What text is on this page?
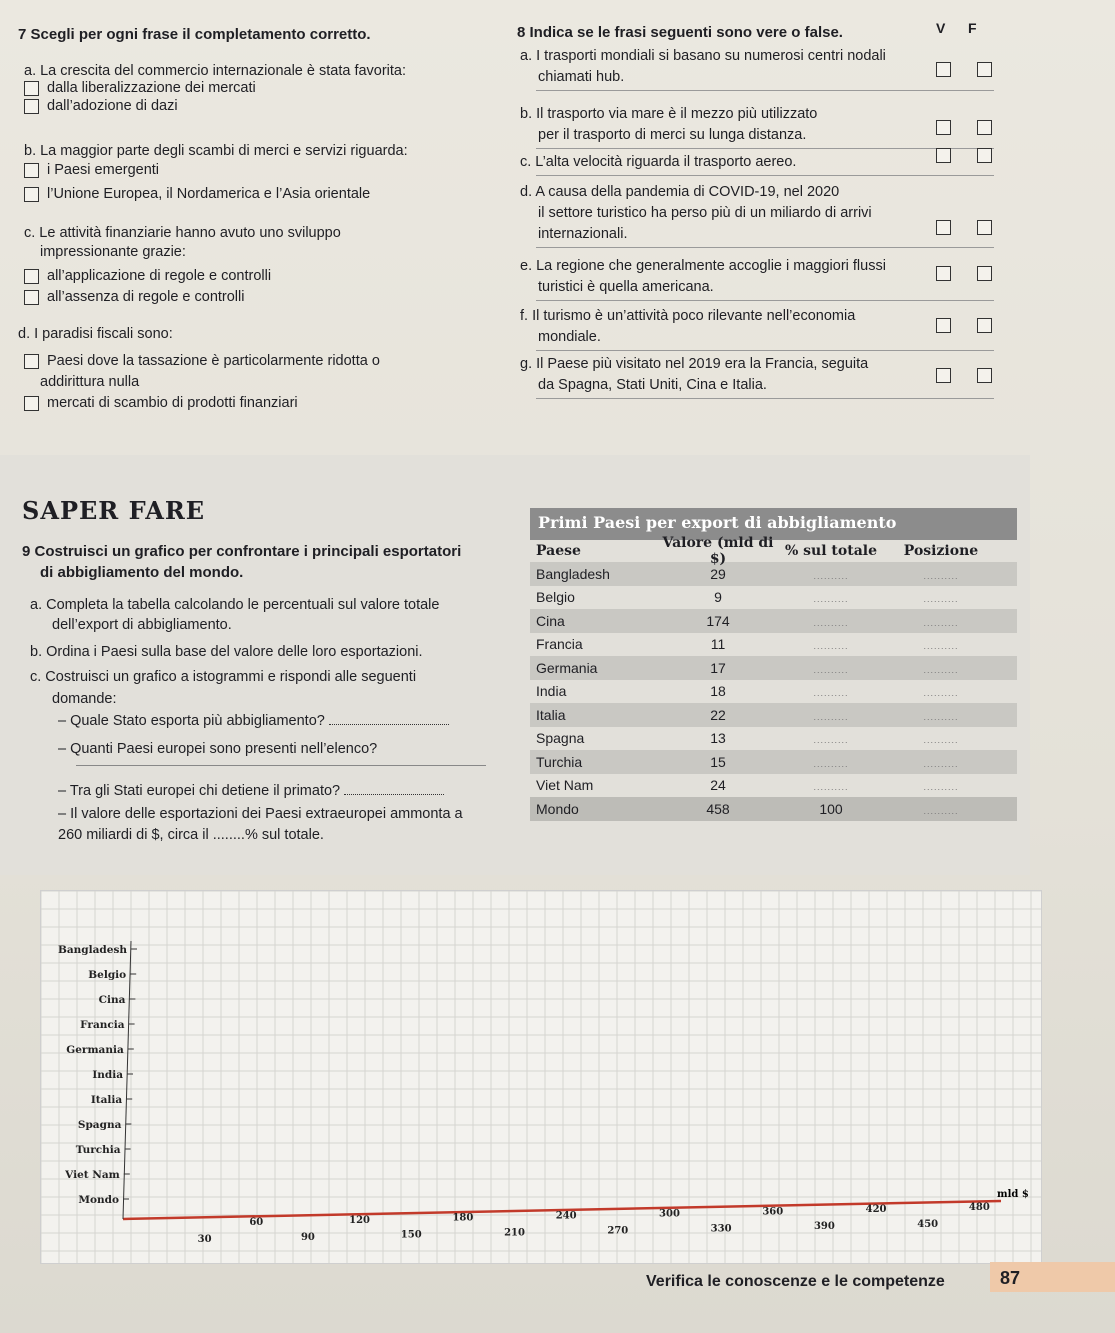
7 Scegli per ogni frase il completamento corretto.
a. La crescita del commercio internazionale è stata favorita:
dalla liberalizzazione dei mercati
dall’adozione di dazi
b. La maggior parte degli scambi di merci e servizi riguarda:
i Paesi emergenti
l’Unione Europea, il Nordamerica e l’Asia orientale
c. Le attività finanziarie hanno avuto uno sviluppo
impressionante grazie:
all’applicazione di regole e controlli
all’assenza di regole e controlli
d. I paradisi fiscali sono:
Paesi dove la tassazione è particolarmente ridotta o
addirittura nulla
mercati di scambio di prodotti finanziari
8 Indica se le frasi seguenti sono vere o false.	V F
a. I trasporti mondiali si basano su numerosi centri nodali
chiamati hub.
b. Il trasporto via mare è il mezzo più utilizzato
per il trasporto di merci su lunga distanza.
c. L’alta velocità riguarda il trasporto aereo.
d. A causa della pandemia di COVID-19, nel 2020
il settore turistico ha perso più di un miliardo di arrivi
internazionali.
e. La regione che generalmente accoglie i maggiori flussi
turistici è quella americana.
f. Il turismo è un’attività poco rilevante nell’economia
mondiale.
g. Il Paese più visitato nel 2019 era la Francia, seguita
da Spagna, Stati Uniti, Cina e Italia.
SAPER FARE
9 Costruisci un grafico per confrontare i principali esportatori
di abbigliamento del mondo.
a. Completa la tabella calcolando le percentuali sul valore totale
dell’export di abbigliamento.
b. Ordina i Paesi sulla base del valore delle loro esportazioni.
c. Costruisci un grafico a istogrammi e rispondi alle seguenti
domande:
– Quale Stato esporta più abbigliamento?
– Quanti Paesi europei sono presenti nell’elenco?
– Tra gli Stati europei chi detiene il primato?
– Il valore delle esportazioni dei Paesi extraeuropei ammonta a
260 miliardi di $, circa il ........% sul totale.
Primi Paesi per export di abbigliamento
Paese	Valore (mld di $)	% sul totale	Posizione
Bangladesh	29	..........	..........
Belgio	9	..........	..........
Cina	174	..........	..........
Francia	11	..........	..........
Germania	17	..........	..........
India	18	..........	..........
Italia	22	..........	..........
Spagna	13	..........	..........
Turchia	15	..........	..........
Viet Nam	24	..........	..........
Mondo	458	100	..........
Bangladesh
Belgio
Cina
Francia
Germania
India
Italia
Spagna
Turchia
Viet Nam
Mondo
30
60
90
120
150
180
210
240
270
300
330
360
390
420
450
480
mld $
Verifica le conoscenze e le competenze	87
